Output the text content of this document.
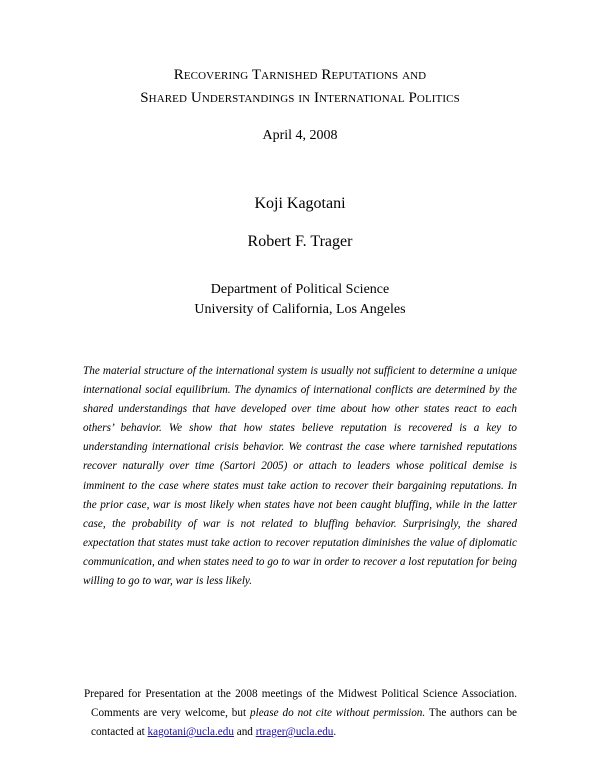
Recovering Tarnished Reputations and
Shared Understandings in International Politics
April 4, 2008
Koji Kagotani
Robert F. Trager
Department of Political Science
University of California, Los Angeles
The material structure of the international system is usually not sufficient to determine a unique international social equilibrium. The dynamics of international conflicts are determined by the shared understandings that have developed over time about how other states react to each others’ behavior. We show that how states believe reputation is recovered is a key to understanding international crisis behavior. We contrast the case where tarnished reputations recover naturally over time (Sartori 2005) or attach to leaders whose political demise is imminent to the case where states must take action to recover their bargaining reputations. In the prior case, war is most likely when states have not been caught bluffing, while in the latter case, the probability of war is not related to bluffing behavior. Surprisingly, the shared expectation that states must take action to recover reputation diminishes the value of diplomatic communication, and when states need to go to war in order to recover a lost reputation for being willing to go to war, war is less likely.

Prepared for Presentation at the 2008 meetings of the Midwest Political Science Association.

Comments are very welcome, but please do not cite without permission. The authors can be contacted at kagotani@ucla.edu and rtrager@ucla.edu.
